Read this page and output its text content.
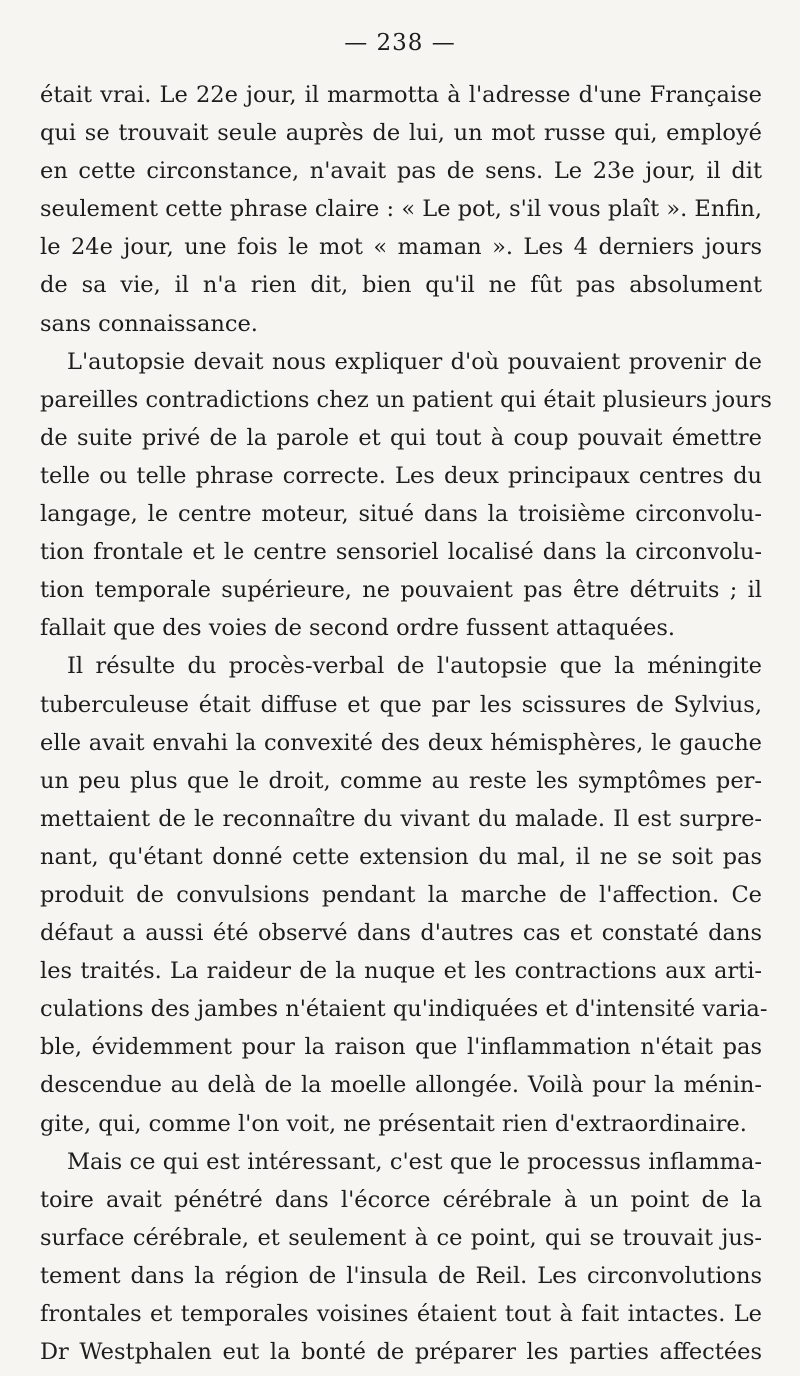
— 238 —
était vrai. Le 22e jour, il marmotta à l'adresse d'une Française
qui se trouvait seule auprès de lui, un mot russe qui, employé
en cette circonstance, n'avait pas de sens. Le 23e jour, il dit
seulement cette phrase claire : « Le pot, s'il vous plaît ». Enfin,
le 24e jour, une fois le mot « maman ». Les 4 derniers jours
de sa vie, il n'a rien dit, bien qu'il ne fût pas absolument
sans connaissance.
L'autopsie devait nous expliquer d'où pouvaient provenir de
pareilles contradictions chez un patient qui était plusieurs jours
de suite privé de la parole et qui tout à coup pouvait émettre
telle ou telle phrase correcte. Les deux principaux centres du
langage, le centre moteur, situé dans la troisième circonvolu-
tion frontale et le centre sensoriel localisé dans la circonvolu-
tion temporale supérieure, ne pouvaient pas être détruits ; il
fallait que des voies de second ordre fussent attaquées.
Il résulte du procès-verbal de l'autopsie que la méningite
tuberculeuse était diffuse et que par les scissures de Sylvius,
elle avait envahi la convexité des deux hémisphères, le gauche
un peu plus que le droit, comme au reste les symptômes per-
mettaient de le reconnaître du vivant du malade. Il est surpre-
nant, qu'étant donné cette extension du mal, il ne se soit pas
produit de convulsions pendant la marche de l'affection. Ce
défaut a aussi été observé dans d'autres cas et constaté dans
les traités. La raideur de la nuque et les contractions aux arti-
culations des jambes n'étaient qu'indiquées et d'intensité varia-
ble, évidemment pour la raison que l'inflammation n'était pas
descendue au delà de la moelle allongée. Voilà pour la ménin-
gite, qui, comme l'on voit, ne présentait rien d'extraordinaire.
Mais ce qui est intéressant, c'est que le processus inflamma-
toire avait pénétré dans l'écorce cérébrale à un point de la
surface cérébrale, et seulement à ce point, qui se trouvait jus-
tement dans la région de l'insula de Reil. Les circonvolutions
frontales et temporales voisines étaient tout à fait intactes. Le
Dr Westphalen eut la bonté de préparer les parties affectées
